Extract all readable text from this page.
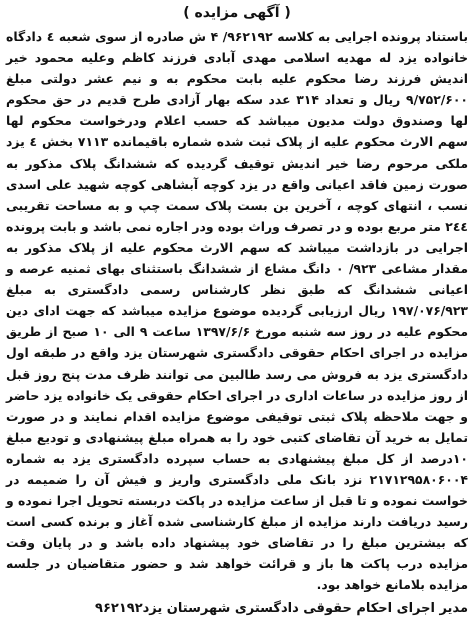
( آگهی مزایده )

باستناد پرونده اجرایی به کلاسه ۹۶۲۱۹۲/ ۴ ش صادره از سوی شعبه ٤ دادگاه خانواده یزد له مهدیه اسلامی مهدی آبادی فرزند کاظم وعلیه محمود خیر اندیش فرزند رضا محکوم علیه بابت محکوم به و نیم عشر دولتی مبلغ ۹/۷۵۲/۶۰۰ ریال و تعداد ۳۱۴ عدد سکه بهار آزادی طرح قدیم در حق محکوم لها وصندوق دولت مدیون میباشد که حسب اعلام ودرخواست محکوم لها سهم الارث محکوم علیه از پلاک ثبت شده شماره باقیمانده ۷۱۱۳ بخش ٤ یزد ملکی مرحوم رضا خیر اندیش توقیف گردیده که ششدانگ پلاک مذکور به صورت زمین فاقد اعیانی واقع در یزد کوچه آبشاهی کوچه شهید علی اسدی نسب ، انتهای کوچه ، آخرین بن بست پلاک سمت چپ و به مساحت تقریبی ٢٤٤ متر مربع بوده و در تصرف وراث بوده ودر اجاره نمی باشد و بابت پرونده اجرایی در بازداشت میباشد که سهم الارث محکوم علیه از پلاک مذکور به مقدار مشاعی ۹۲۳/ ۰ دانگ مشاع از ششدانگ باستثنای بهای ثمنیه عرصه و اعیانی ششدانگ که طبق نظر کارشناس رسمی دادگستری به مبلغ ۱۹۷/۰۷۶/۹۲۳ ریال ارزیابی گردیده موضوع مزایده میباشد که جهت ادای دین محکوم علیه در روز سه شنبه مورخ ۱۳۹۷/۶/۶ ساعت ۹ الی ۱۰ صبح از طریق مزایده در اجرای احکام حقوقی دادگستری شهرستان یزد واقع در طبقه اول دادگستری یزد به فروش می رسد طالبین می توانند ظرف مدت پنج روز قبل از روز مزایده در ساعات اداری در اجرای احکام حقوقی یک خانواده یزد حاضر و جهت ملاحظه پلاک ثبتی توقیفی موضوع مزایده اقدام نمایند و در صورت تمایل به خرید آن تقاضای کتبی خود را به همراه مبلغ پیشنهادی و توديع مبلغ ۱۰درصد از کل مبلغ پیشنهادی به حساب سپرده دادگستری یزد به شماره ۲۱۷۱۲۹۵۸۰۶۰۰۴ نزد بانک ملی دادگستری واریز و فیش آن را ضمیمه در خواست نموده و تا قبل از ساعت مزایده در پاکت دربسته تحویل اجرا نموده و رسید دریافت دارند مزایده از مبلغ کارشناسی شده آغاز و برنده کسی است که بیشترین مبلغ را در تقاضای خود پیشنهاد داده باشد و در پایان وقت مزایده درب پاکت ها باز و قرائت خواهد شد و حضور متقاضیان در جلسه مزایده بلامانع خواهد بود.

مدیر اجرای احکام حقوقی دادگستری شهرستان یزد۹۶۲۱۹۲
